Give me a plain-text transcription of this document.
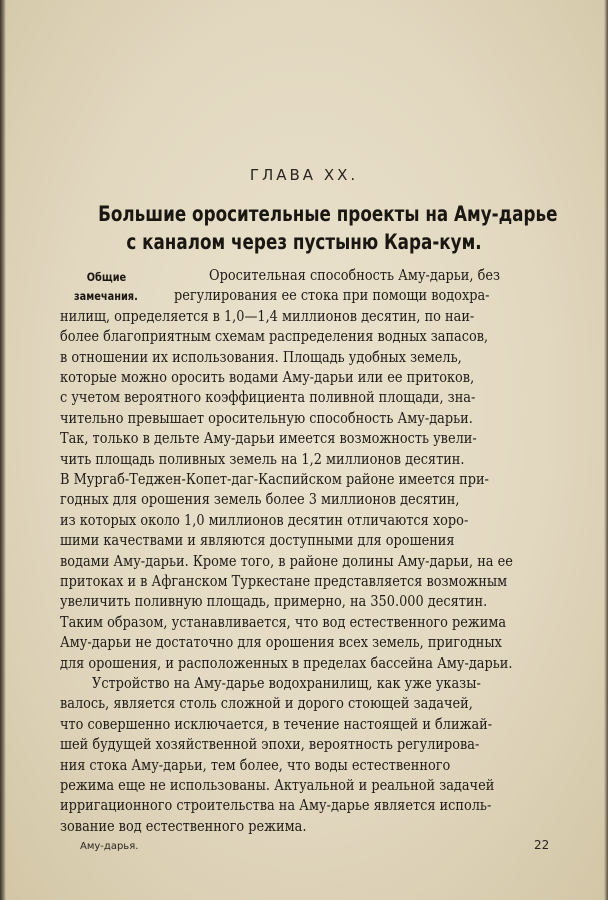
ГЛАВА XX.
Большие оросительные проекты на Аму-дарье
с каналом через пустыню Кара-кум.
Общие
замечания.
Оросительная способность Аму-дарьи, без
регулирования ее стока при помощи водохра-
нилищ, определяется в 1,0—1,4 миллионов десятин, по наи-
более благоприятным схемам распределения водных запасов,
в отношении их использования. Площадь удобных земель,
которые можно оросить водами Аму-дарьи или ее притоков,
с учетом вероятного коэффициента поливной площади, зна-
чительно превышает оросительную способность Аму-дарьи.
Так, только в дельте Аму-дарьи имеется возможность увели-
чить площадь поливных земель на 1,2 миллионов десятин.
В Мургаб-Теджен-Копет-даг-Каспийском районе имеется при-
годных для орошения земель более 3 миллионов десятин,
из которых около 1,0 миллионов десятин отличаются хоро-
шими качествами и являются доступными для орошения
водами Аму-дарьи. Кроме того, в районе долины Аму-дарьи, на ее
притоках и в Афганском Туркестане представляется возможным
увеличить поливную площадь, примерно, на 350.000 десятин.
Таким образом, устанавливается, что вод естественного режима
Аму-дарьи не достаточно для орошения всех земель, пригодных
для орошения, и расположенных в пределах бассейна Аму-дарьи.
Устройство на Аму-дарье водохранилищ, как уже указы-
валось, является столь сложной и дорого стоющей задачей,
что совершенно исключается, в течение настоящей и ближай-
шей будущей хозяйственной эпохи, вероятность регулирова-
ния стока Аму-дарьи, тем более, что воды естественного
режима еще не использованы. Актуальной и реальной задачей
ирригационного строительства на Аму-дарье является исполь-
Аму-дарья.	22
зование вод естественного режима.
